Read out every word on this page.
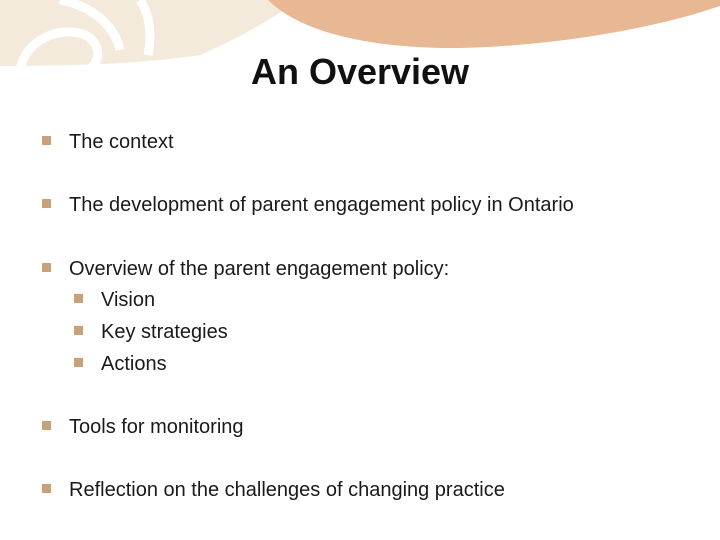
An Overview
The context
The development of parent engagement policy in Ontario
Overview of the parent engagement policy:
Vision
Key strategies
Actions
Tools for monitoring
Reflection on the challenges of changing practice
